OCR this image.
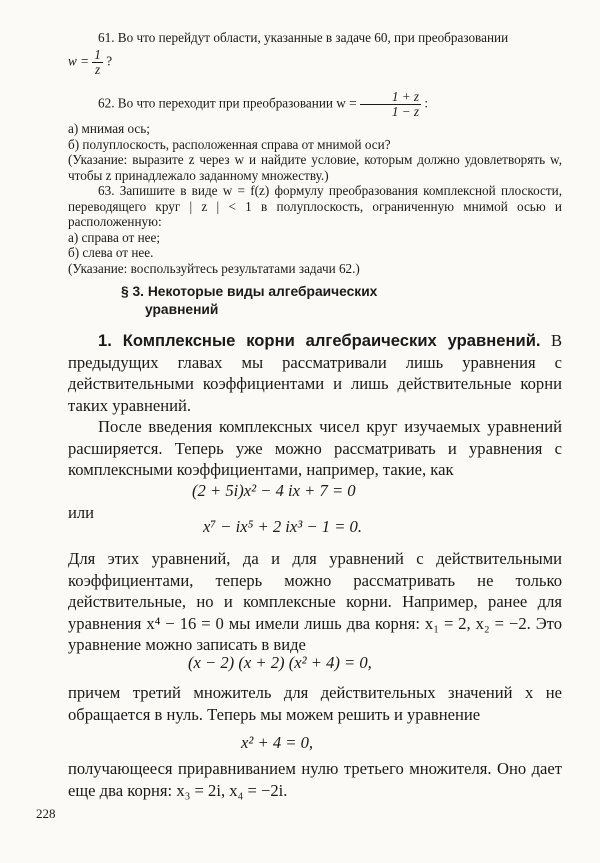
61. Во что перейдут области, указанные в задаче 60, при преобразовании

$w = \frac{1}{z}$ ?

62. Во что переходит при преобразовании $w = \frac{1 + z}{1 - z}$ :

а) мнимая ось;

б) полуплоскость, расположенная справа от мнимой оси?

(Указание: выразите z через w и найдите условие, которым должно удовлетворять w, чтобы z принадлежало заданному множеству.)

63. Запишите в виде w = f(z) формулу преобразования комплексной плоскости, переводящего круг | z | < 1 в полуплоскость, ограниченную мнимой осью и расположенную:

а) справа от нее;

б) слева от нее.

(Указание: воспользуйтесь результатами задачи 62.)

§ 3. Некоторые виды алгебраических
уравнений

1. Комплексные корни алгебраических уравнений. В предыдущих главах мы рассматривали лишь уравнения с действительными коэффициентами и лишь действительные корни таких уравнений.

После введения комплексных чисел круг изучаемых уравнений расширяется. Теперь уже можно рассматривать и уравнения с комплексными коэффициентами, например, такие, как

(2 + 5i)x² − 4 ix + 7 = 0
или
x⁷ − ix⁵ + 2 ix³ − 1 = 0.

Для этих уравнений, да и для уравнений с действительными коэффициентами, теперь можно рассматривать не только действительные, но и комплексные корни. Например, ранее для уравнения x⁴ − 16 = 0 мы имели лишь два корня: x₁ = 2, x₂ = −2. Это уравнение можно записать в виде

(x − 2) (x + 2) (x² + 4) = 0,

причем третий множитель для действительных значений x не обращается в нуль. Теперь мы можем решить и уравнение

x² + 4 = 0,

получающееся приравниванием нулю третьего множителя. Оно дает еще два корня: x₃ = 2i, x₄ = −2i.

228
